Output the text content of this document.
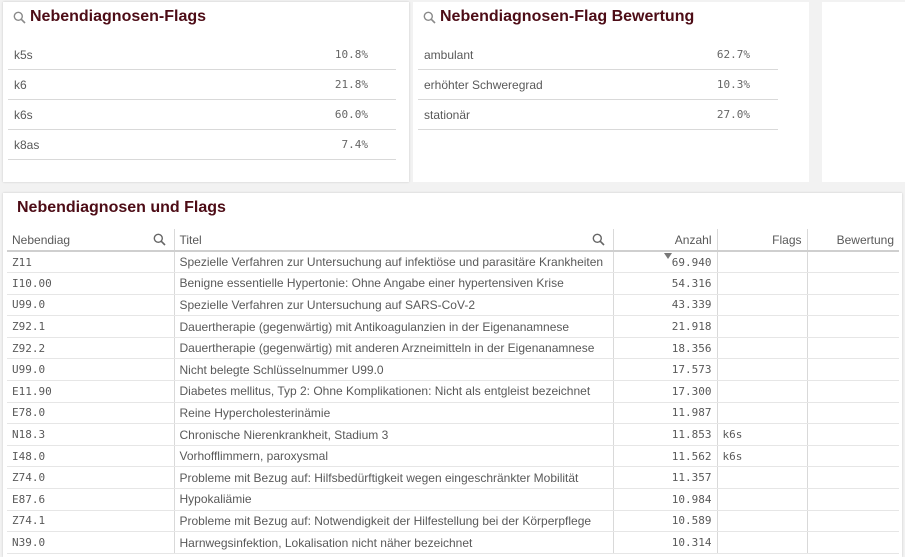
Nebendiagnosen-Flags
k5s	10.8%
k6	21.8%
k6s	60.0%
k8as	7.4%
Nebendiagnosen-Flag Bewertung
ambulant	62.7%
erhöhter Schweregrad	10.3%
stationär	27.0%
Nebendiagnosen und Flags
Nebendiag	Titel	Anzahl	Flags	Bewertung
Z11	Spezielle Verfahren zur Untersuchung auf infektiöse und parasitäre Krankheiten	69.940		
I10.00	Benigne essentielle Hypertonie: Ohne Angabe einer hypertensiven Krise	54.316		
U99.0	Spezielle Verfahren zur Untersuchung auf SARS-CoV-2	43.339		
Z92.1	Dauertherapie (gegenwärtig) mit Antikoagulanzien in der Eigenanamnese	21.918		
Z92.2	Dauertherapie (gegenwärtig) mit anderen Arzneimitteln in der Eigenanamnese	18.356		
U99.0	Nicht belegte Schlüsselnummer U99.0	17.573		
E11.90	Diabetes mellitus, Typ 2: Ohne Komplikationen: Nicht als entgleist bezeichnet	17.300		
E78.0	Reine Hypercholesterinämie	11.987		
N18.3	Chronische Nierenkrankheit, Stadium 3	11.853	k6s	
I48.0	Vorhofflimmern, paroxysmal	11.562	k6s	
Z74.0	Probleme mit Bezug auf: Hilfsbedürftigkeit wegen eingeschränkter Mobilität	11.357		
E87.6	Hypokaliämie	10.984		
Z74.1	Probleme mit Bezug auf: Notwendigkeit der Hilfestellung bei der Körperpflege	10.589		
N39.0	Harnwegsinfektion, Lokalisation nicht näher bezeichnet	10.314		
